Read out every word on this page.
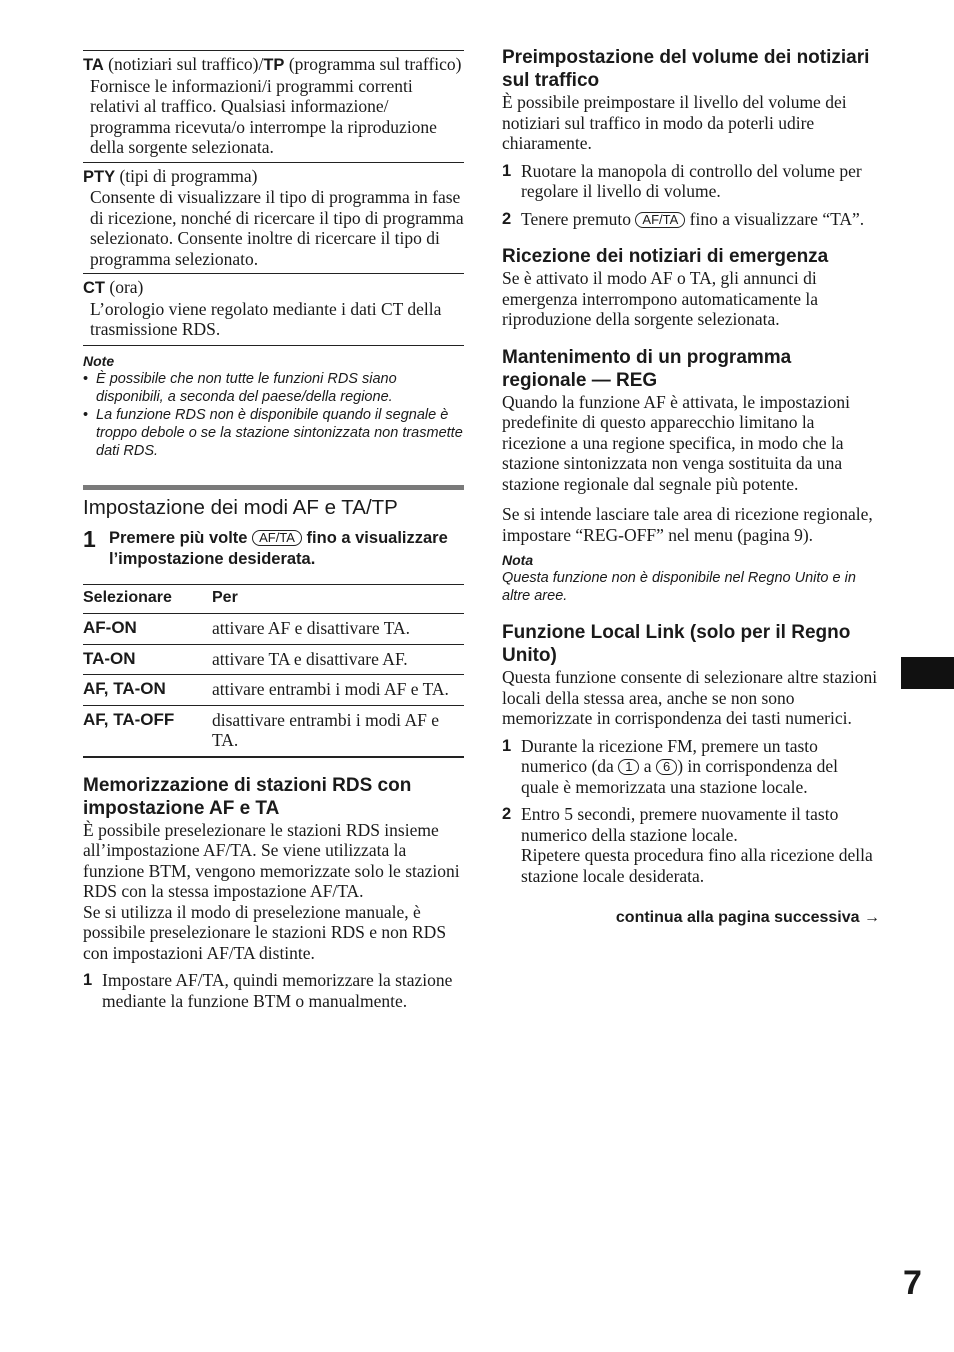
TA (notiziari sul traffico)/TP (programma sul traffico)
Fornisce le informazioni/i programmi correnti relativi al traffico. Qualsiasi informazione/ programma ricevuta/o interrompe la riproduzione della sorgente selezionata.
PTY (tipi di programma)
Consente di visualizzare il tipo di programma in fase di ricezione, nonché di ricercare il tipo di programma selezionato. Consente inoltre di ricercare il tipo di programma selezionato.
CT (ora)
L’orologio viene regolato mediante i dati CT della trasmissione RDS.
Note
• È possibile che non tutte le funzioni RDS siano disponibili, a seconda del paese/della regione.
• La funzione RDS non è disponibile quando il segnale è troppo debole o se la stazione sintonizzata non trasmette dati RDS.
Impostazione dei modi AF e TA/TP
1 Premere più volte AF/TA fino a visualizzare l’impostazione desiderata.
Selezionare	Per
AF-ON	attivare AF e disattivare TA.
TA-ON	attivare TA e disattivare AF.
AF, TA-ON	attivare entrambi i modi AF e TA.
AF, TA-OFF	disattivare entrambi i modi AF e TA.
Memorizzazione di stazioni RDS con impostazione AF e TA

È possibile preselezionare le stazioni RDS insieme all’impostazione AF/TA. Se viene utilizzata la funzione BTM, vengono memorizzate solo le stazioni RDS con la stessa impostazione AF/TA.

Se si utilizza il modo di preselezione manuale, è possibile preselezionare le stazioni RDS e non RDS con impostazioni AF/TA distinte.

1 Impostare AF/TA, quindi memorizzare la stazione mediante la funzione BTM o manualmente.
Preimpostazione del volume dei notiziari sul traffico

È possibile preimpostare il livello del volume dei notiziari sul traffico in modo da poterli udire chiaramente.

1 Ruotare la manopola di controllo del volume per regolare il livello di volume.
2 Tenere premuto AF/TA fino a visualizzare “TA”.
Ricezione dei notiziari di emergenza

Se è attivato il modo AF o TA, gli annunci di emergenza interrompono automaticamente la riproduzione della sorgente selezionata.

Mantenimento di un programma regionale — REG

Quando la funzione AF è attivata, le impostazioni predefinite di questo apparecchio limitano la ricezione a una regione specifica, in modo che la stazione sintonizzata non venga sostituita da una stazione regionale dal segnale più potente.

Se si intende lasciare tale area di ricezione regionale, impostare “REG-OFF” nel menu (pagina 9).

Nota
Questa funzione non è disponibile nel Regno Unito e in altre aree.
Funzione Local Link (solo per il Regno Unito)

Questa funzione consente di selezionare altre stazioni locali della stessa area, anche se non sono memorizzate in corrispondenza dei tasti numerici.

1 Durante la ricezione FM, premere un tasto numerico (da 1 a 6 ) in corrispondenza del quale è memorizzata una stazione locale.
2 Entro 5 secondi, premere nuovamente il tasto numerico della stazione locale.
Ripetere questa procedura fino alla ricezione della stazione locale desiderata.
continua alla pagina successiva →
7
